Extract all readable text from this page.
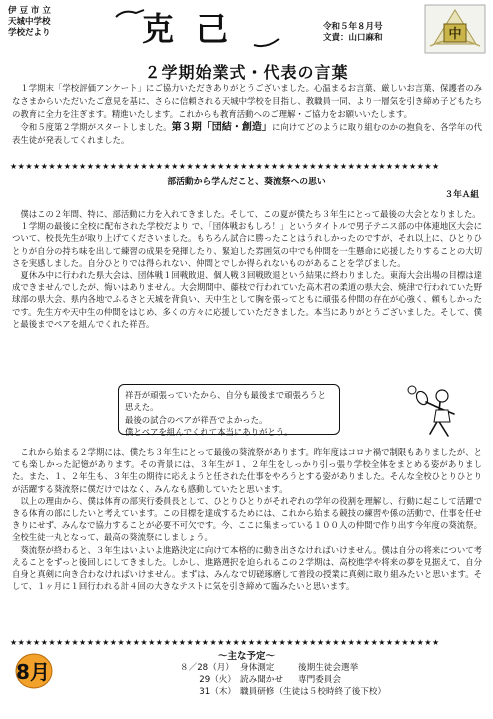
伊 豆 市 立
天城中学校
学校だより	克己	令和５年８月号
文責：山口麻和	中
２学期始業式・代表の言葉

１学期末「学校評価アンケート」にご協力いただきありがとうございました。心温まるお言葉、厳しいお言葉、保護者のみなさまからいただいたご意見を基に、さらに信頼される天城中学校を目指し、教職員一同、より一層気を引き締め子どもたちの教育に全力を注ぎます。精進いたします。これからも教育活動へのご理解・ご協力をお願いいたします。

令和５度第２学期がスタートしました。第３期「団結・創造」に向けてどのように取り組むのかの抱負を、各学年の代表生徒が発表してくれました。

★★★★★★★★★★★★★★★★★★★★★★★★★★★★★★★★★★★★★★★★★★★★★★★★★★★★★★★★
部活動から学んだこと、葵流祭への思い
３年Ａ組

僕はこの２年間、特に、部活動に力を入れてきました。そして、この夏が僕たち３年生にとって最後の大会となりました。

１学期の最後に全校に配布された学校だより で、「団体戦おもしろ！」というタイトルで男子テニス部の中体連地区大会について、校長先生が取り上げてくださいました。もちろん試合に勝ったことはうれしかったのですが、それ以上に、ひとりひとりが自分の持ち味を出して練習の成果を発揮したり、緊迫した雰囲気の中でも仲間を一生懸命に応援したりすることの大切さを実感しました。自分ひとりでは得られない、仲間とでしか得られないものがあることを学びました。

夏休み中に行われた県大会は、団体戦１回戦敗退、個人戦３回戦敗退という結果に終わりました。東海大会出場の目標は達成できませんでしたが、悔いはありません。大会期間中、藤枝で行われていた高木君の柔道の県大会、焼津で行われていた野球部の県大会、県内各地でふるさと天城を背負い、天中生として胸を張ってともに頑張る仲間の存在が心強く、頼もしかったです。先生方や天中生の仲間をはじめ、多くの方々に応援していただきました。本当にありがとうございました。そして、僕と最後までペアを組んでくれた祥吾。

祥吾が頑張っていたから、自分も最後まで頑張ろうと思えた。
最後の試合のペアが祥吾でよかった。
僕とペアを組んでくれて本当にありがとう。

これから始まる２学期には、僕たち３年生にとって最後の葵流祭があります。昨年度はコロナ禍で制限もありましたが、とても楽しかった記憶があります。その背景には、３年生が１、２年生をしっかり引っ張り学校全体をまとめる姿がありました。また、１、２年生も、３年生の期待に応えようと任された仕事をやろうとする姿がありました。そんな全校ひとりひとりが活躍する葵流祭に僕だけではなく、みんなも感動していたと思います。

以上の理由から、僕は体育の部実行委員長として、ひとりひとりがそれぞれの学年の役割を理解し、行動に起こして活躍できる体育の部にしたいと考えています。この目標を達成するためには、これから始まる競技の練習や係の活動で、仕事を任せきりにせず、みんなで協力することが必要不可欠です。今、ここに集まっている１００人の仲間で作り出す今年度の葵流祭。全校生徒一丸となって、最高の葵流祭にしましょう。

葵流祭が終わると、３年生はいよいよ進路決定に向けて本格的に動き出さなければいけません。僕は自分の将来について考えることをずっと後回しにしてきました。しかし、進路選択を迫られるこの２学期は、高校進学や将来の夢を見据えて、自分自身と真剣に向き合わなければいけません。まずは、みんなで切磋琢磨して普段の授業に真剣に取り組みたいと思います。そして、１ヶ月に１回行われる計４回の大きなテストに気を引き締めて臨みたいと思います。

★★★★★★★★★★★★★★★★★★★★★★★★★★★★★★★★★★★★★★★★★★★★★★★★★★★★★★★★
8月
〜主な予定〜
８／28（月） 身体測定	後期生徒会選挙
29（火） 読み聞かせ 専門委員会
31（木） 職員研修（生徒は５校時終了後下校）
